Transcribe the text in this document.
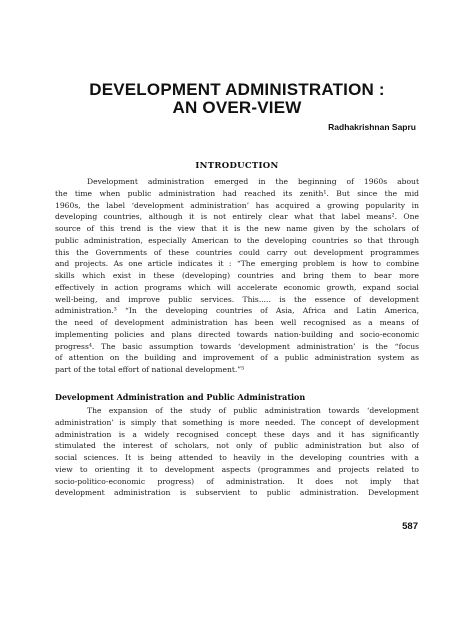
DEVELOPMENT ADMINISTRATION :
AN OVER-VIEW
Radhakrishnan Sapru
INTRODUCTION
Development administration emerged in the beginning of 1960s about
the time when public administration had reached its zenith¹. But since the mid
1960s, the label ‘development administration’ has acquired a growing popularity in
developing countries, although it is not entirely clear what that label means². One
source of this trend is the view that it is the new name given by the scholars of
public administration, especially American to the developing countries so that through
this the Governments of these countries could carry out development programmes
and projects. As one article indicates it : “The emerging problem is how to combine
skills which exist in these (developing) countries and bring them to bear more
effectively in action programs which will accelerate economic growth, expand social
well-being, and improve public services. This..... is the essence of development
administration.³ “In the developing countries of Asia, Africa and Latin America,
the need of development administration has been well recognised as a means of
implementing policies and plans directed towards nation-building and socio-economic
progress⁴. The basic assumption towards ‘development administration’ is the “focus
of attention on the building and improvement of a public administration system as
part of the total effort of national development.”⁵
Development Administration and Public Administration
The expansion of the study of public administration towards ‘development
administration’ is simply that something is more needed. The concept of development
administration is a widely recognised concept these days and it has significantly
stimulated the interest of scholars, not only of public administration but also of
social sciences. It is being attended to heavily in the developing countries with a
view to orienting it to development aspects (programmes and projects related to
socio-politico-economic progress) of administration. It does not imply that
development administration is subservient to public administration. Development
587
